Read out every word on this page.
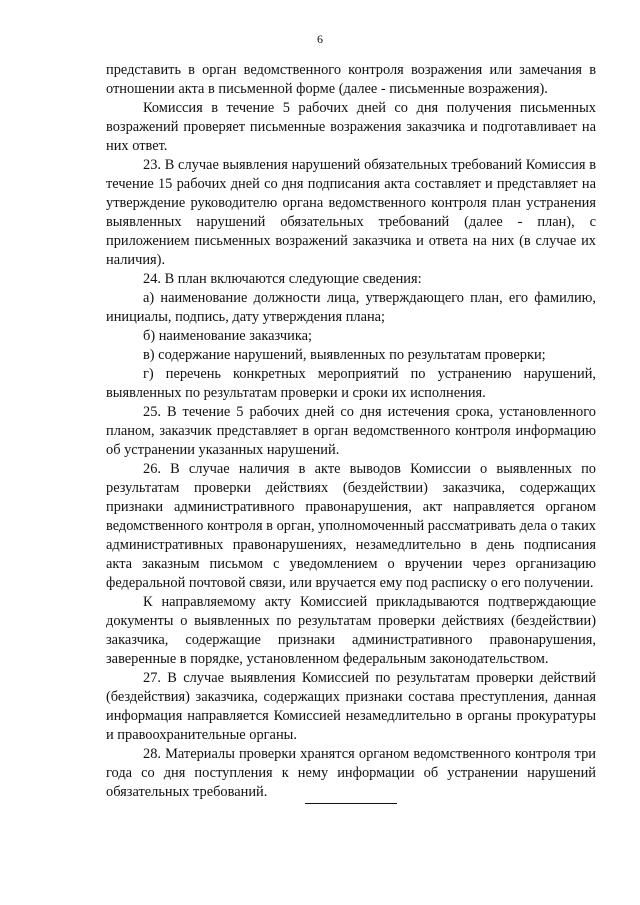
6

представить в орган ведомственного контроля возражения или замечания в отношении акта в письменной форме (далее - письменные возражения).

Комиссия в течение 5 рабочих дней со дня получения письменных возражений проверяет письменные возражения заказчика и подготавливает на них ответ.

23. В случае выявления нарушений обязательных требований Комиссия в течение 15 рабочих дней со дня подписания акта составляет и представляет на утверждение руководителю органа ведомственного контроля план устранения выявленных нарушений обязательных требований (далее - план), с приложением письменных возражений заказчика и ответа на них (в случае их наличия).

24. В план включаются следующие сведения:

а) наименование должности лица, утверждающего план, его фамилию, инициалы, подпись, дату утверждения плана;

б) наименование заказчика;

в) содержание нарушений, выявленных по результатам проверки;

г) перечень конкретных мероприятий по устранению нарушений, выявленных по результатам проверки и сроки их исполнения.

25. В течение 5 рабочих дней со дня истечения срока, установленного планом, заказчик представляет в орган ведомственного контроля информацию об устранении указанных нарушений.

26. В случае наличия в акте выводов Комиссии о выявленных по результатам проверки действиях (бездействии) заказчика, содержащих признаки административного правонарушения, акт направляется органом ведомственного контроля в орган, уполномоченный рассматривать дела о таких административных правонарушениях, незамедлительно в день подписания акта заказным письмом с уведомлением о вручении через организацию федеральной почтовой связи, или вручается ему под расписку о его получении.

К направляемому акту Комиссией прикладываются подтверждающие документы о выявленных по результатам проверки действиях (бездействии) заказчика, содержащие признаки административного правонарушения, заверенные в порядке, установленном федеральным законодательством.

27. В случае выявления Комиссией по результатам проверки действий (бездействия) заказчика, содержащих признаки состава преступления, данная информация направляется Комиссией незамедлительно в органы прокуратуры и правоохранительные органы.

28. Материалы проверки хранятся органом ведомственного контроля три года со дня поступления к нему информации об устранении нарушений обязательных требований.
